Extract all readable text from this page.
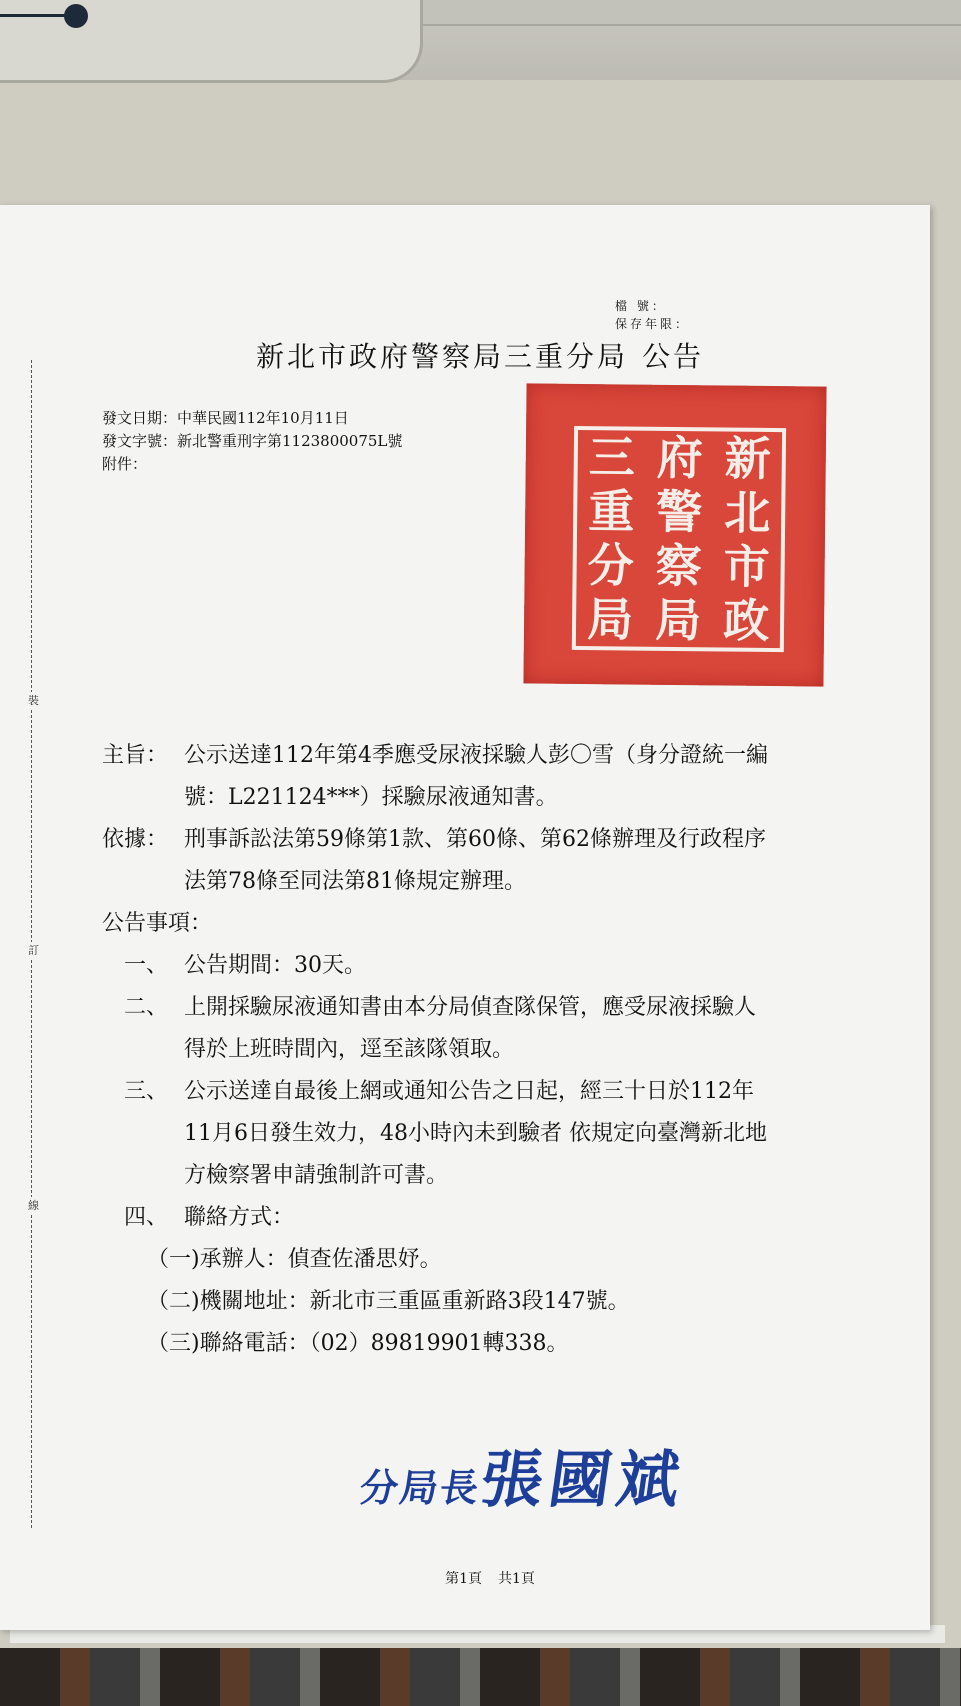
裝
訂
線
檔 號：
保存年限：
新北市政府警察局三重分局 公告
發文日期：中華民國112年10月11日
發文字號：新北警重刑字第1123800075L號
附件：	新
北
市
政
府
警
察
局
三
重
分
局
主旨： 公示送達112年第4季應受尿液採驗人彭〇雪（身分證統一編
號：L221124***）採驗尿液通知書。
依據： 刑事訴訟法第59條第1款、第60條、第62條辦理及行政程序
法第78條至同法第81條規定辦理。
公告事項：
一、 公告期間：30天。
二、 上開採驗尿液通知書由本分局偵查隊保管，應受尿液採驗人
得於上班時間內，逕至該隊領取。
三、 公示送達自最後上網或通知公告之日起，經三十日於112年
11月6日發生效力，48小時內未到驗者 依規定向臺灣新北地
方檢察署申請強制許可書。
四、 聯絡方式：
（一)承辦人：偵查佐潘思妤。
（二)機關地址：新北市三重區重新路3段147號。
（三)聯絡電話：（02）89819901轉338。
分局長張國斌
第1頁 共1頁
